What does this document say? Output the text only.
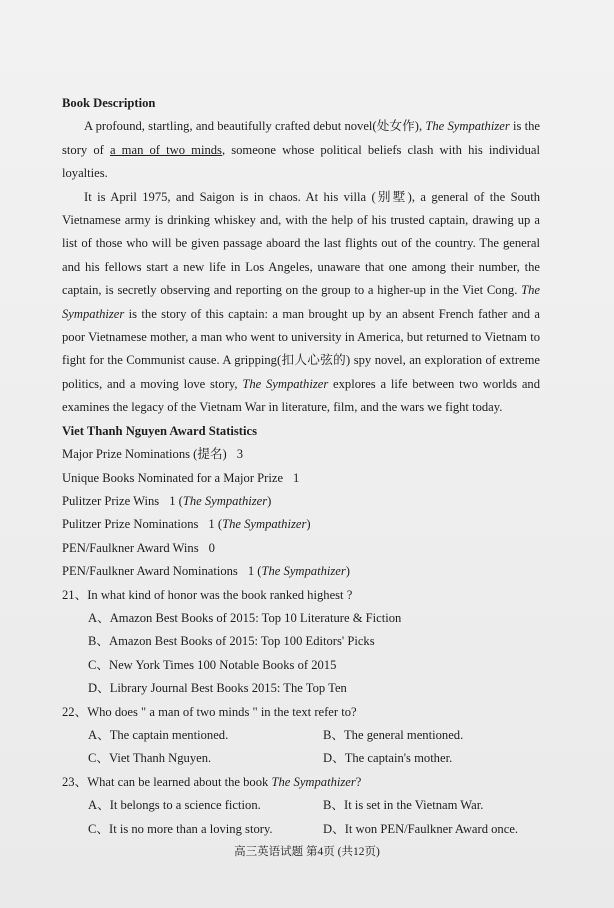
Book Description

A profound, startling, and beautifully crafted debut novel(处女作), The Sympathizer is the story of a man of two minds, someone whose political beliefs clash with his individual loyalties.

It is April 1975, and Saigon is in chaos. At his villa (别墅), a general of the South Vietnamese army is drinking whiskey and, with the help of his trusted captain, drawing up a list of those who will be given passage aboard the last flights out of the country. The general and his fellows start a new life in Los Angeles, unaware that one among their number, the captain, is secretly observing and reporting on the group to a higher-up in the Viet Cong. The Sympathizer is the story of this captain: a man brought up by an absent French father and a poor Vietnamese mother, a man who went to university in America, but returned to Vietnam to fight for the Communist cause. A gripping(扣人心弦的) spy novel, an exploration of extreme politics, and a moving love story, The Sympathizer explores a life between two worlds and examines the legacy of the Vietnam War in literature, film, and the wars we fight today.

Viet Thanh Nguyen Award Statistics

Major Prize Nominations (提名) 3

Unique Books Nominated for a Major Prize 1

Pulitzer Prize Wins 1 (The Sympathizer)

Pulitzer Prize Nominations 1 (The Sympathizer)

PEN/Faulkner Award Wins 0

PEN/Faulkner Award Nominations 1 (The Sympathizer)

21、In what kind of honor was the book ranked highest ?

A、Amazon Best Books of 2015: Top 10 Literature & Fiction

B、Amazon Best Books of 2015: Top 100 Editors' Picks

C、New York Times 100 Notable Books of 2015

D、Library Journal Best Books 2015: The Top Ten

22、Who does " a man of two minds " in the text refer to?

A、The captain mentioned.	B、The general mentioned.
C、Viet Thanh Nguyen.	D、The captain's mother.

23、What can be learned about the book The Sympathizer?

A、It belongs to a science fiction.	B、It is set in the Vietnam War.
C、It is no more than a loving story.	D、It won PEN/Faulkner Award once.
高三英语试题 第4页 (共12页)
